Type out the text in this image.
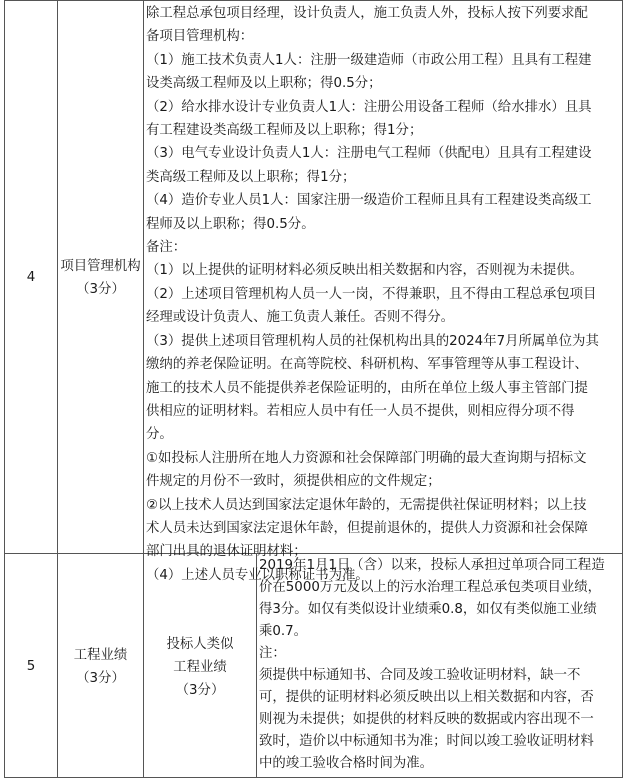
4
项目管理机构
（3分）
除工程总承包项目经理，设计负责人，施工负责人外，投标人按下列要求配
备项目管理机构：
（1）施工技术负责人1人：注册一级建造师（市政公用工程）且具有工程建
设类高级工程师及以上职称；得0.5分；
（2）给水排水设计专业负责人1人：注册公用设备工程师（给水排水）且具
有工程建设类高级工程师及以上职称；得1分；
（3）电气专业设计负责人1人：注册电气工程师（供配电）且具有工程建设
类高级工程师及以上职称；得1分；
（4）造价专业人员1人：国家注册一级造价工程师且具有工程建设类高级工
程师及以上职称；得0.5分。
备注：
（1）以上提供的证明材料必须反映出相关数据和内容，否则视为未提供。
（2）上述项目管理机构人员一人一岗，不得兼职，且不得由工程总承包项目
经理或设计负责人、施工负责人兼任。否则不得分。
（3）提供上述项目管理机构人员的社保机构出具的2024年7月所属单位为其
缴纳的养老保险证明。在高等院校、科研机构、军事管理等从事工程设计、
施工的技术人员不能提供养老保险证明的，由所在单位上级人事主管部门提
供相应的证明材料。若相应人员中有任一人员不提供，则相应得分项不得
分。
①如投标人注册所在地人力资源和社会保障部门明确的最大查询期与招标文
件规定的月份不一致时，须提供相应的文件规定；
②以上技术人员达到国家法定退休年龄的，无需提供社保证明材料；以上技
术人员未达到国家法定退休年龄，但提前退休的，提供人力资源和社会保障
部门出具的退休证明材料；
（4）上述人员专业以职称证书为准。
5
工程业绩
（3分）
投标人类似
工程业绩
（3分）
2019年1月1日（含）以来，投标人承担过单项合同工程造
价在5000万元及以上的污水治理工程总承包类项目业绩，
得3分。如仅有类似设计业绩乘0.8，如仅有类似施工业绩
乘0.7。
注：
须提供中标通知书、合同及竣工验收证明材料，缺一不
可，提供的证明材料必须反映出以上相关数据和内容，否
则视为未提供；如提供的材料反映的数据或内容出现不一
致时，造价以中标通知书为准；时间以竣工验收证明材料
中的竣工验收合格时间为准。
